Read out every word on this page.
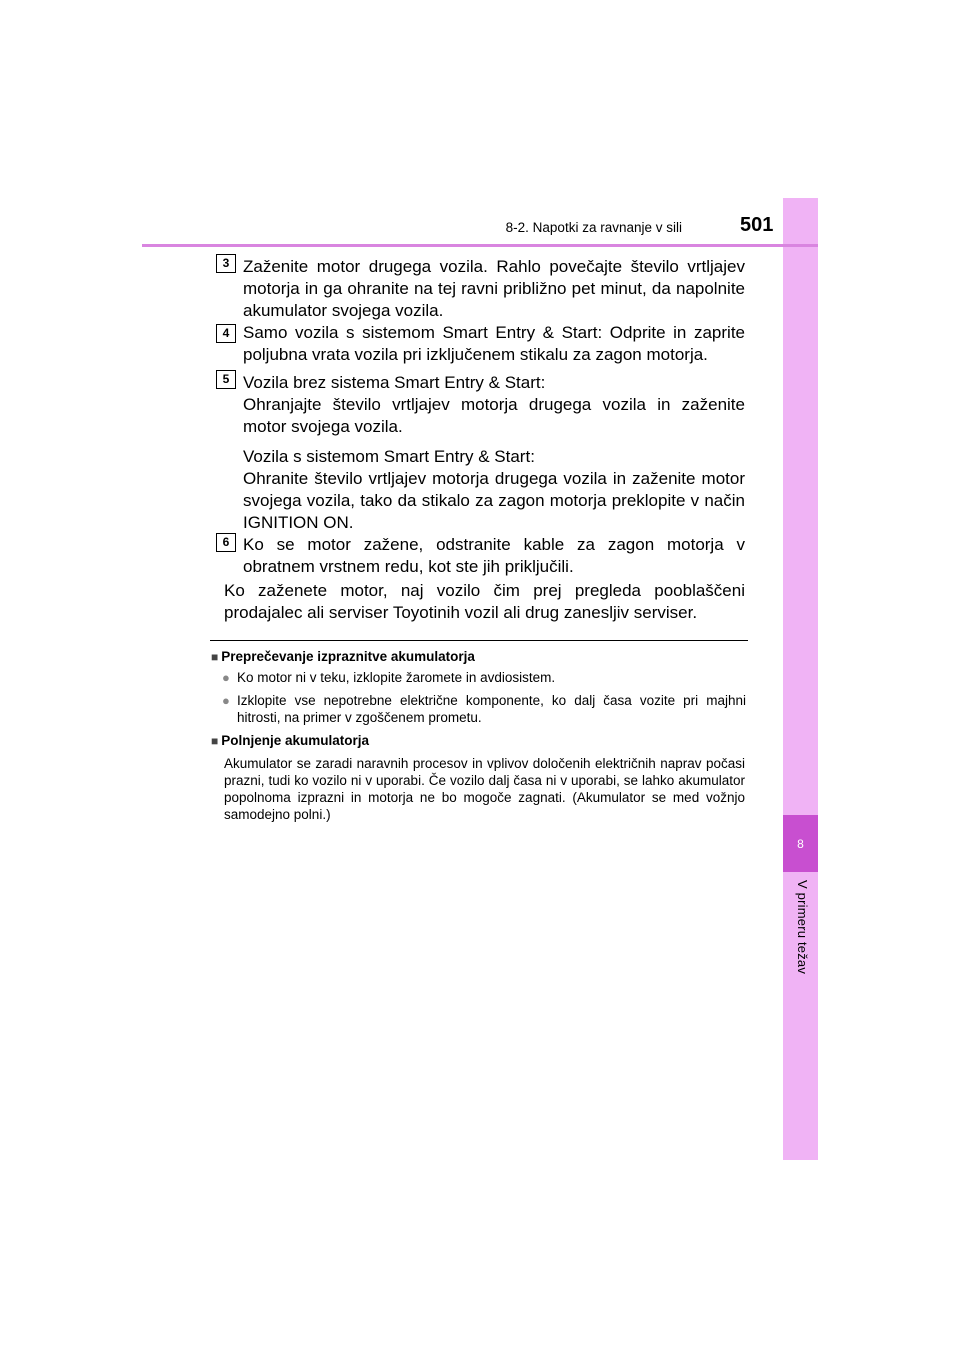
8
V primeru težav
8-2. Napotki za ravnanje v sili	501
3 Zaženite motor drugega vozila. Rahlo povečajte število vrtljajev motorja in ga ohranite na tej ravni približno pet minut, da napolnite akumulator svojega vozila.

4 Samo vozila s sistemom Smart Entry & Start: Odprite in zaprite poljubna vrata vozila pri izključenem stikalu za zagon motorja.

5 Vozila brez sistema Smart Entry & Start:
Ohranjajte število vrtljajev motorja drugega vozila in zaženite motor svojega vozila.

Vozila s sistemom Smart Entry & Start:
Ohranite število vrtljajev motorja drugega vozila in zaženite motor svojega vozila, tako da stikalo za zagon motorja preklopite v način IGNITION ON.

6 Ko se motor zažene, odstranite kable za zagon motorja v obratnem vrstnem redu, kot ste jih priključili.

Ko zaženete motor, naj vozilo čim prej pregleda pooblaščeni prodajalec ali serviser Toyotinih vozil ali drug zanesljiv serviser.
■ Preprečevanje izpraznitve akumulatorja
● Ko motor ni v teku, izklopite žaromete in avdiosistem.
● Izklopite vse nepotrebne električne komponente, ko dalj časa vozite pri majhni hitrosti, na primer v zgoščenem prometu.
■ Polnjenje akumulatorja
Akumulator se zaradi naravnih procesov in vplivov določenih električnih naprav počasi prazni, tudi ko vozilo ni v uporabi. Če vozilo dalj časa ni v uporabi, se lahko akumulator popolnoma izprazni in motorja ne bo mogoče zagnati. (Akumulator se med vožnjo samodejno polni.)
